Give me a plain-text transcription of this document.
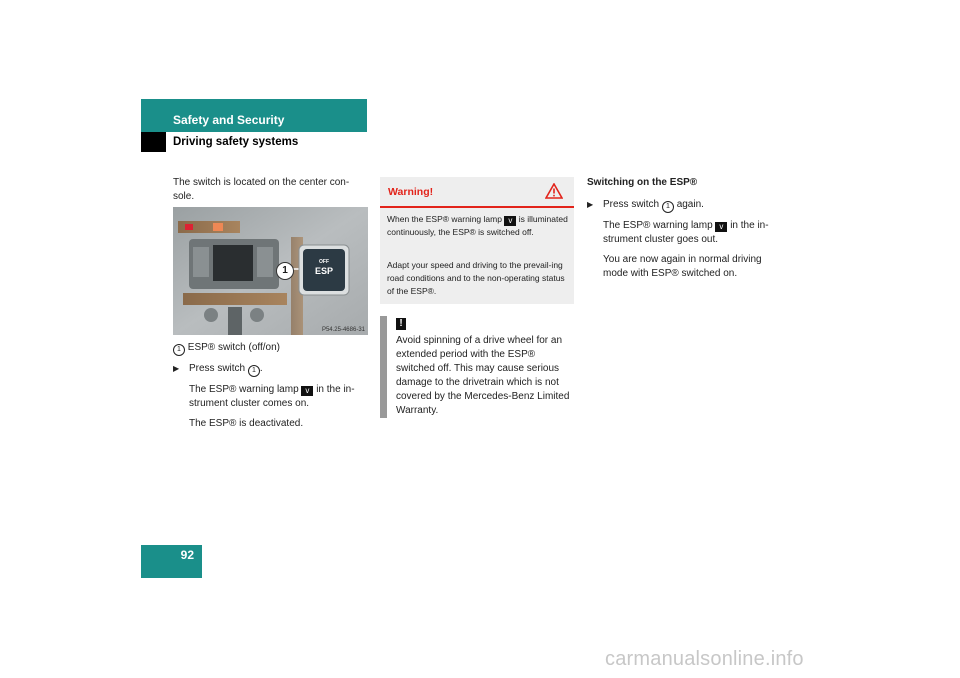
Safety and Security
Driving safety systems

The switch is located on the center con-sole.

1
OFF
ESP
P54.25-4686-31

1 ESP® switch (off/on)

▶ Press switch 1 .

The ESP® warning lamp v in the in-strument cluster comes on.

The ESP® is deactivated.

Warning!
When the ESP® warning lamp v is illuminated continuously, the ESP® is switched off.
Adapt your speed and driving to the prevail-ing road conditions and to the non-operating status of the ESP®.
!
Avoid spinning of a drive wheel for an extended period with the ESP® switched off. This may cause serious damage to the drivetrain which is not covered by the Mercedes-Benz Limited Warranty.

Switching on the ESP®

▶ Press switch 1 again.

The ESP® warning lamp v in the in-strument cluster goes out.

You are now again in normal driving mode with ESP® switched on.

92
carmanualsonline.info
